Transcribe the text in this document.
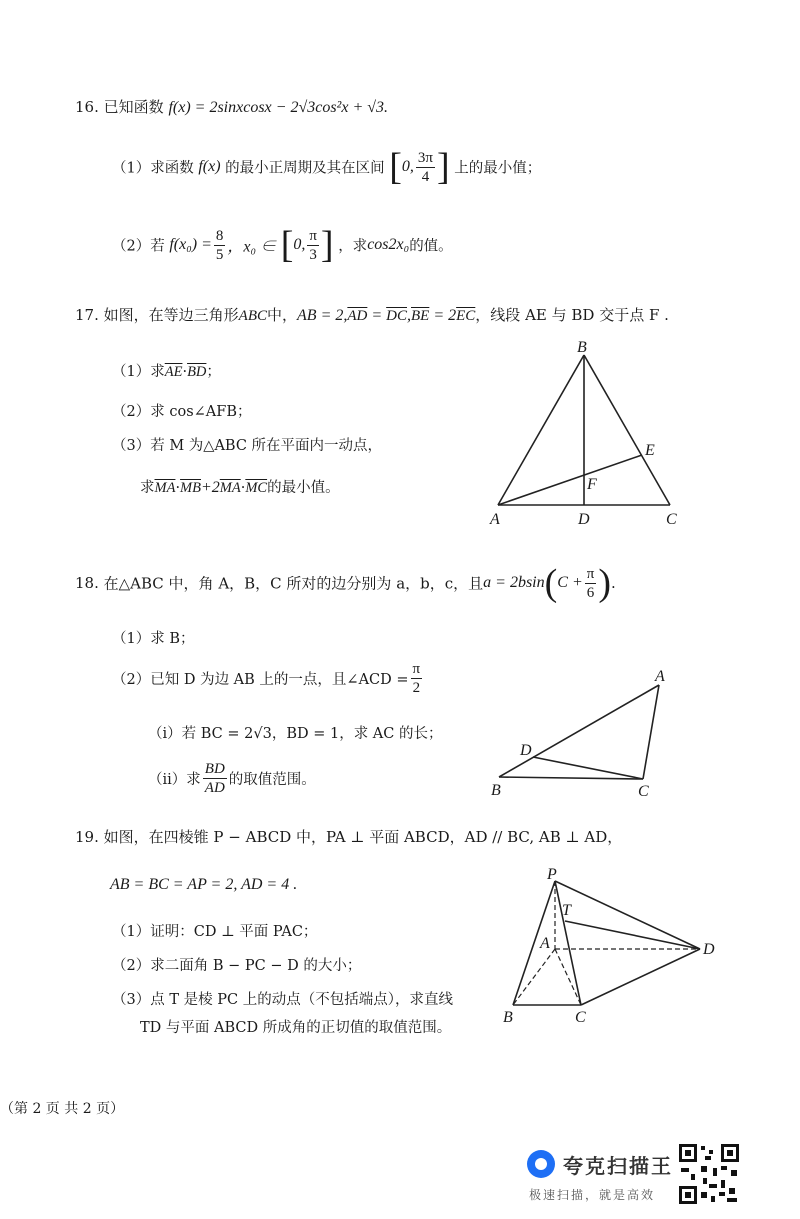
16. 已知函数 f(x) = 2sinxcosx − 2√3cos²x + √3.
（1）求函数 f(x) 的最小正周期及其在区间 [0, $\frac{3\pi}{4}$ ] 上的最小值；
（2）若 $f(x_0) = \frac{8}{5}$ ，x₀ ∈ [0, $\frac{\pi}{3}$ ] ，求cos2x₀的值。
17. 如图，在等边三角形ABC中，AB = $2,\overline{AD} = \overline{DC},\overline{BE} = 2\overline{EC}$，线段 AE 与 BD 交于点 F .
（1）求$\overline{AE}\cdot\overline{BD}$；
（2）求 cos∠AFB；
（3）若 M 为△ABC 所在平面内一动点，
求$\overline{MA}\cdot\overline{MB}+2\overline{MA}\cdot\overline{MC}$的最小值。
B
E
F
A	D	C
18. 在△ABC 中，角 A，B，C 所对的边分别为 a，b，c，且$a = 2bsin(C + \frac{\pi}{6}$ ).
（1）求 B；
（2）已知 D 为边 AB 上的一点，且∠ACD = $\frac{\pi}{2}$
（ⅰ）若 BC = 2√3，BD = 1，求 AC 的长；
（ⅱ）求 $\frac{BD}{AD}$ 的取值范围。
A
D
B	C
19. 如图，在四棱锥 P − ABCD 中，PA ⊥ 平面 ABCD，AD // BC, AB ⊥ AD，
AB = BC = AP = 2, AD = 4 .
（1）证明：CD ⊥ 平面 PAC；
（2）求二面角 B − PC − D 的大小；
（3）点 T 是棱 PC 上的动点（不包括端点），求直线
TD 与平面 ABCD 所成角的正切值的取值范围。
P
T
A	D
B	C
（第 2 页 共 2 页）
夸克扫描王
极速扫描，就是高效
